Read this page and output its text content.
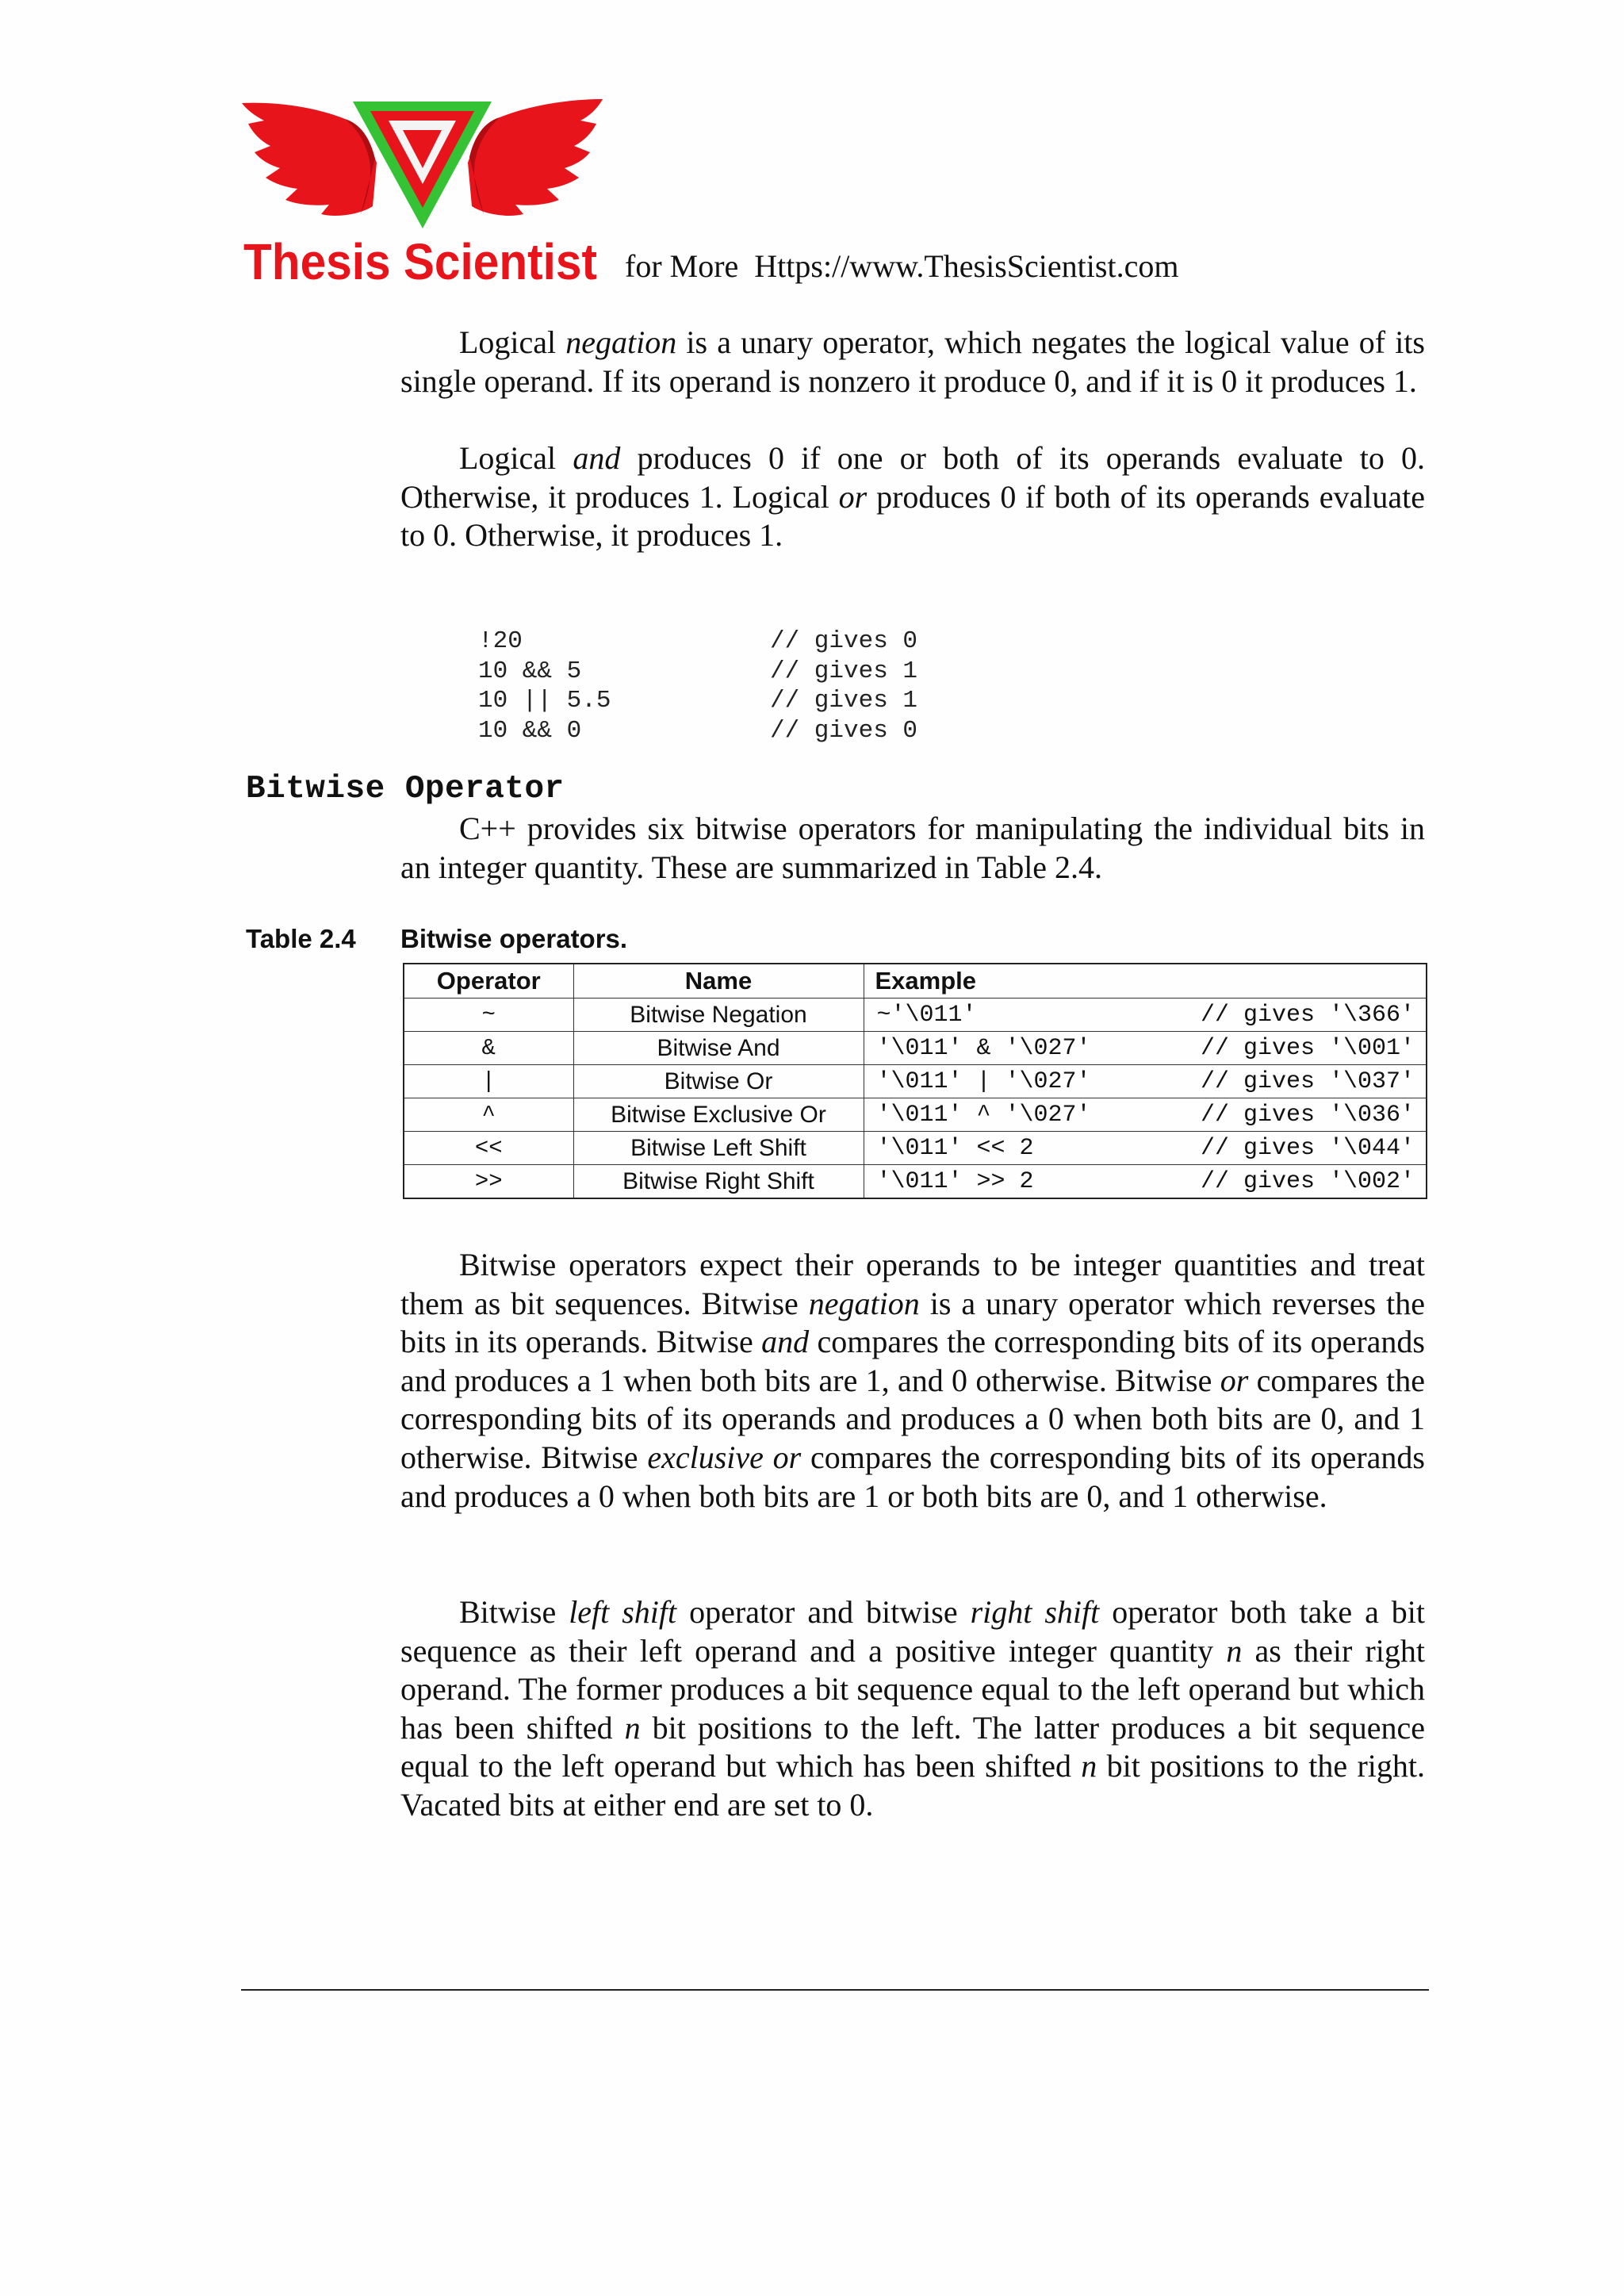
Thesis Scientist for More Https://www.ThesisScientist.com

Logical negation is a unary operator, which negates the logical value of its single operand. If its operand is nonzero it produce 0, and if it is 0 it produces 1.

Logical and produces 0 if one or both of its operands evaluate to 0. Otherwise, it produces 1. Logical or produces 0 if both of its operands evaluate to 0. Otherwise, it produces 1.

!20	// gives 0
10 && 5	// gives 1
10 || 5.5	// gives 1
10 && 0	// gives 0
Bitwise Operator

C++ provides six bitwise operators for manipulating the individual bits in an integer quantity. These are summarized in Table 2.4.

Table 2.4 Bitwise operators.
Operator	Name	Example
~	Bitwise Negation	~'\011' // gives '\366'

&	Bitwise And	'\011' & '\027' // gives '\001'

|	Bitwise Or	'\011' | '\027' // gives '\037'

^	Bitwise Exclusive Or	'\011' ^ '\027' // gives '\036'

<<	Bitwise Left Shift	'\011' << 2 // gives '\044'

>>	Bitwise Right Shift	'\011' >> 2 // gives '\002'

Bitwise operators expect their operands to be integer quantities and treat them as bit sequences. Bitwise negation is a unary operator which reverses the bits in its operands. Bitwise and compares the corresponding bits of its operands and produces a 1 when both bits are 1, and 0 otherwise. Bitwise or compares the corresponding bits of its operands and produces a 0 when both bits are 0, and 1 otherwise. Bitwise exclusive or compares the corresponding bits of its operands and produces a 0 when both bits are 1 or both bits are 0, and 1 otherwise.

Bitwise left shift operator and bitwise right shift operator both take a bit sequence as their left operand and a positive integer quantity n as their right operand. The former produces a bit sequence equal to the left operand but which has been shifted n bit positions to the left. The latter produces a bit sequence equal to the left operand but which has been shifted n bit positions to the right. Vacated bits at either end are set to 0.
